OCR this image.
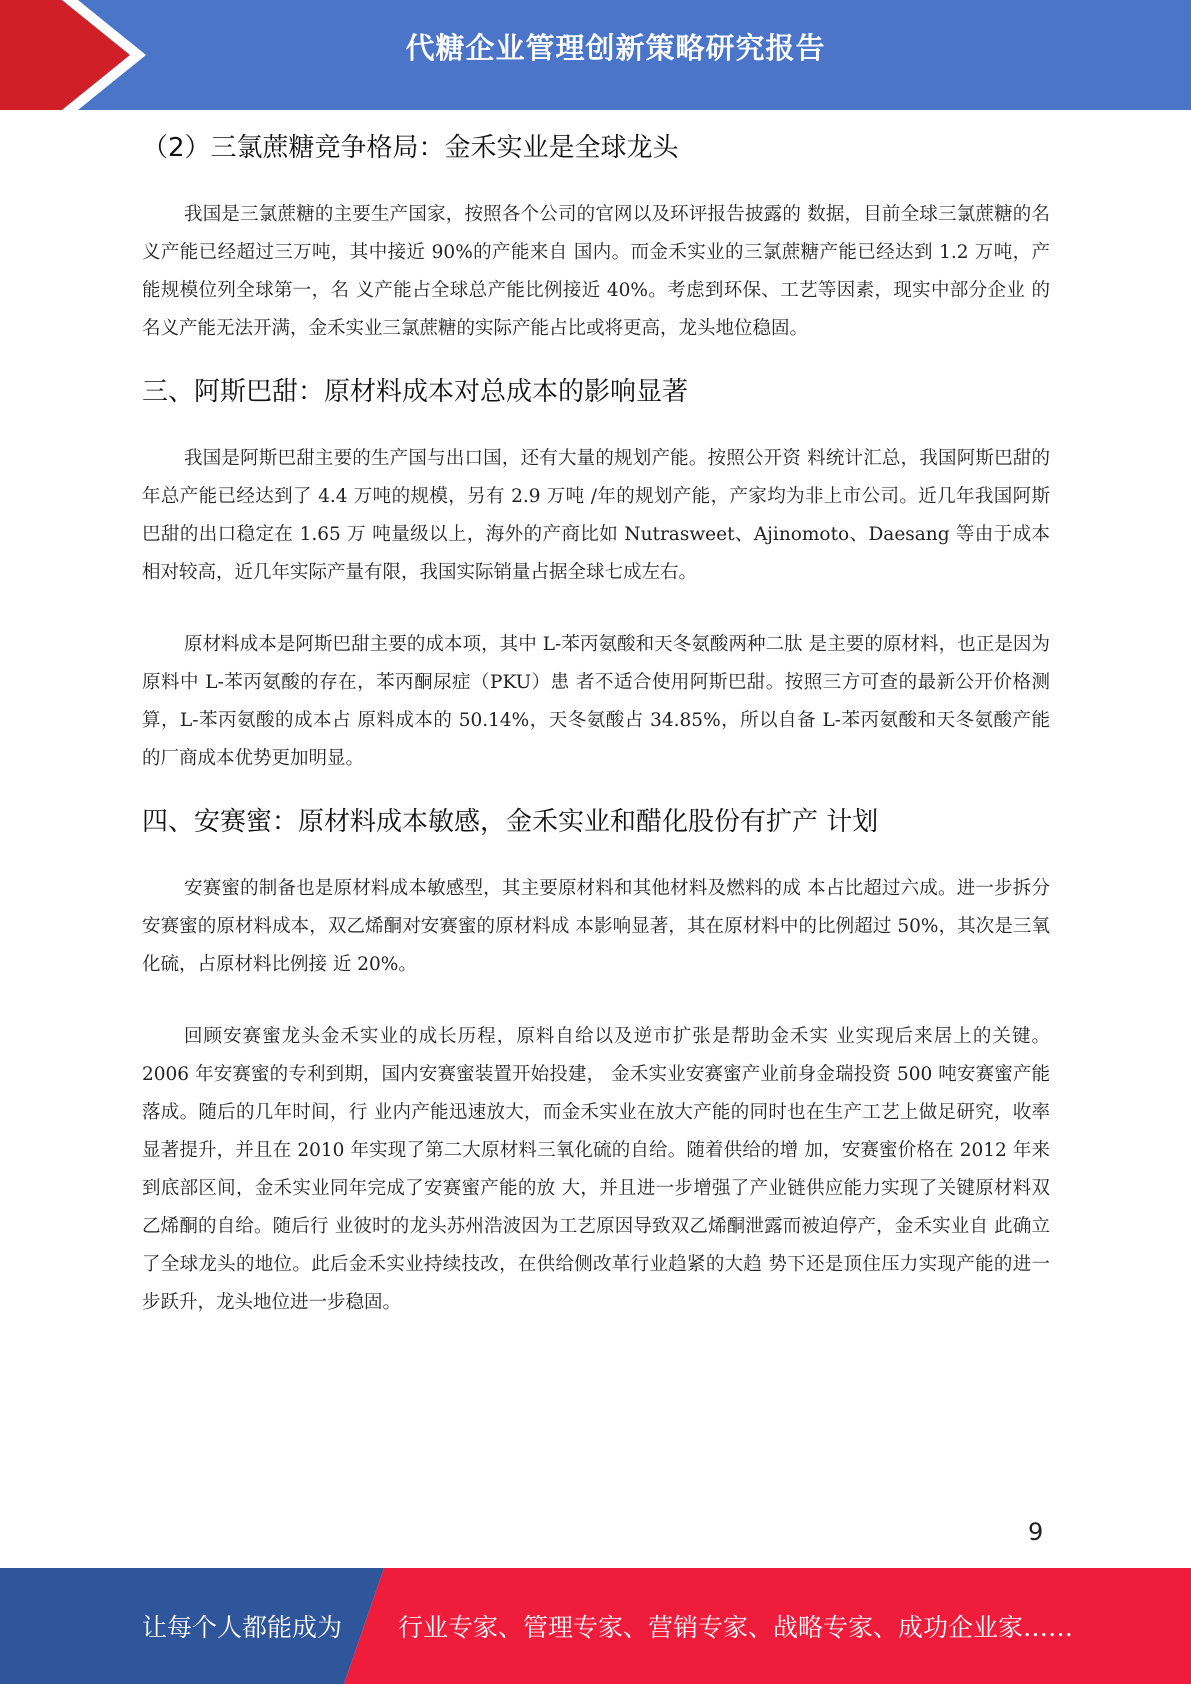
代糖企业管理创新策略研究报告
（2）三氯蔗糖竞争格局：金禾实业是全球龙头

我国是三氯蔗糖的主要生产国家，按照各个公司的官网以及环评报告披露的 数据，目前全球三氯蔗糖的名义产能已经超过三万吨，其中接近 90%的产能来自 国内。而金禾实业的三氯蔗糖产能已经达到 1.2 万吨，产能规模位列全球第一，名 义产能占全球总产能比例接近 40%。考虑到环保、工艺等因素，现实中部分企业 的名义产能无法开满，金禾实业三氯蔗糖的实际产能占比或将更高，龙头地位稳固。

三、阿斯巴甜：原材料成本对总成本的影响显著

我国是阿斯巴甜主要的生产国与出口国，还有大量的规划产能。按照公开资 料统计汇总，我国阿斯巴甜的年总产能已经达到了 4.4 万吨的规模，另有 2.9 万吨 /年的规划产能，产家均为非上市公司。近几年我国阿斯巴甜的出口稳定在 1.65 万 吨量级以上，海外的产商比如 Nutrasweet、Ajinomoto、Daesang 等由于成本 相对较高，近几年实际产量有限，我国实际销量占据全球七成左右。

原材料成本是阿斯巴甜主要的成本项，其中 L-苯丙氨酸和天冬氨酸两种二肽 是主要的原材料，也正是因为原料中 L-苯丙氨酸的存在，苯丙酮尿症（PKU）患 者不适合使用阿斯巴甜。按照三方可查的最新公开价格测算，L-苯丙氨酸的成本占 原料成本的 50.14%，天冬氨酸占 34.85%，所以自备 L-苯丙氨酸和天冬氨酸产能 的厂商成本优势更加明显。

四、安赛蜜：原材料成本敏感，金禾实业和醋化股份有扩产 计划

安赛蜜的制备也是原材料成本敏感型，其主要原材料和其他材料及燃料的成 本占比超过六成。进一步拆分安赛蜜的原材料成本，双乙烯酮对安赛蜜的原材料成 本影响显著，其在原材料中的比例超过 50%，其次是三氧化硫，占原材料比例接 近 20%。

回顾安赛蜜龙头金禾实业的成长历程，原料自给以及逆市扩张是帮助金禾实 业实现后来居上的关键。2006 年安赛蜜的专利到期，国内安赛蜜装置开始投建， 金禾实业安赛蜜产业前身金瑞投资 500 吨安赛蜜产能落成。随后的几年时间，行 业内产能迅速放大，而金禾实业在放大产能的同时也在生产工艺上做足研究，收率 显著提升，并且在 2010 年实现了第二大原材料三氧化硫的自给。随着供给的增 加，安赛蜜价格在 2012 年来到底部区间，金禾实业同年完成了安赛蜜产能的放 大，并且进一步增强了产业链供应能力实现了关键原材料双乙烯酮的自给。随后行 业彼时的龙头苏州浩波因为工艺原因导致双乙烯酮泄露而被迫停产，金禾实业自 此确立了全球龙头的地位。此后金禾实业持续技改，在供给侧改革行业趋紧的大趋 势下还是顶住压力实现产能的进一步跃升，龙头地位进一步稳固。

9
让每个人都能成为 行业专家、管理专家、营销专家、战略专家、成功企业家……
